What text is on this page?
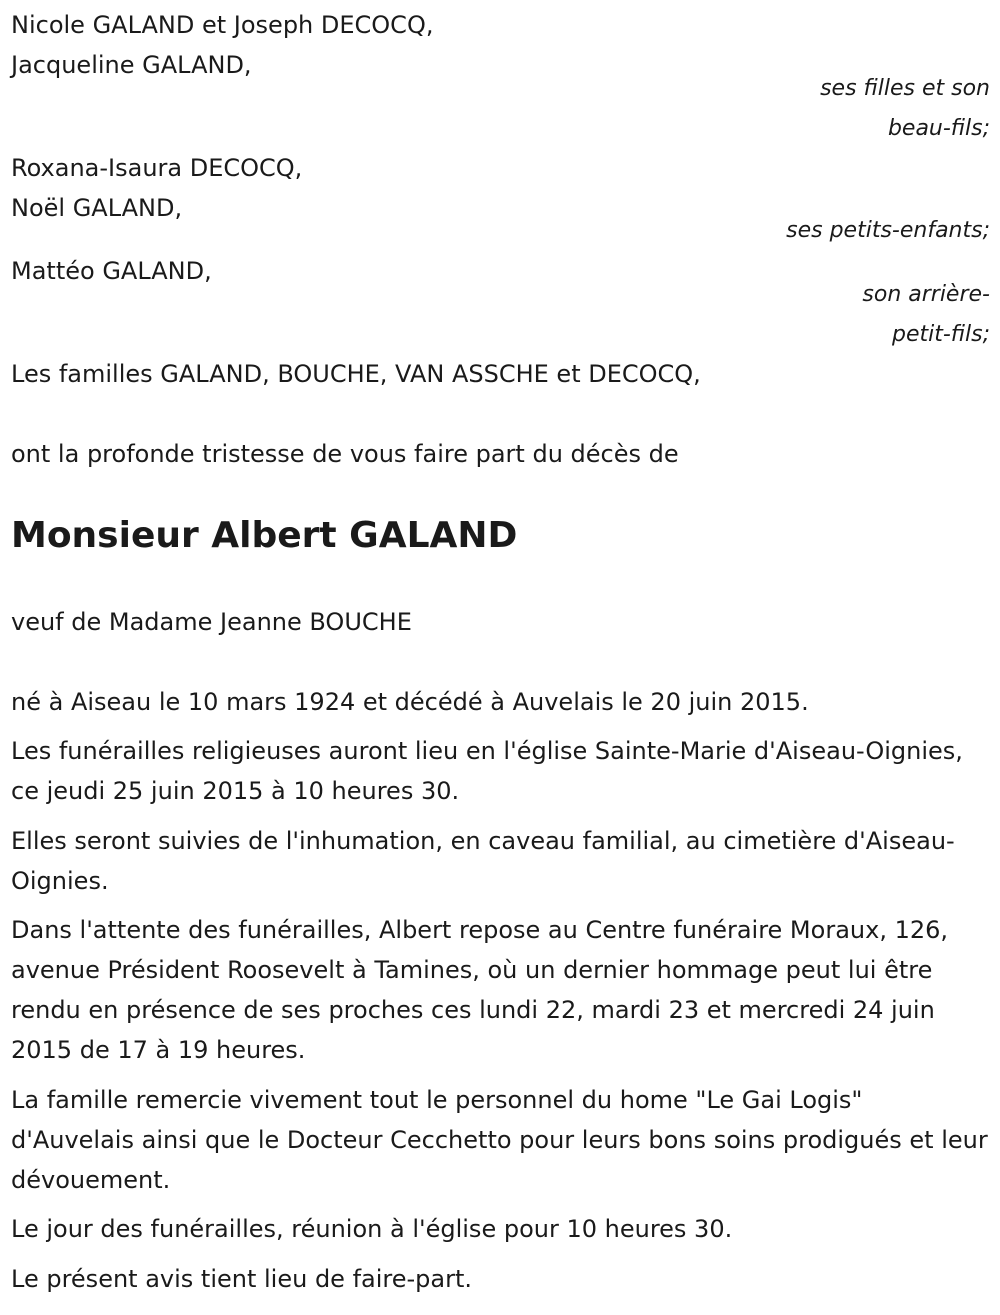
Nicole GALAND et Joseph DECOCQ,

Jacqueline GALAND,

ses filles et son

beau-fils;

Roxana-Isaura DECOCQ,

Noël GALAND,

ses petits-enfants;

Mattéo GALAND,

son arrière-

petit-fils;

Les familles GALAND, BOUCHE, VAN ASSCHE et DECOCQ,

ont la profonde tristesse de vous faire part du décès de

Monsieur Albert GALAND

veuf de Madame Jeanne BOUCHE

né à Aiseau le 10 mars 1924 et décédé à Auvelais le 20 juin 2015.

Les funérailles religieuses auront lieu en l'église Sainte-Marie d'Aiseau-Oignies, ce jeudi 25 juin 2015 à 10 heures 30.

Elles seront suivies de l'inhumation, en caveau familial, au cimetière d'Aiseau-Oignies.

Dans l'attente des funérailles, Albert repose au Centre funéraire Moraux, 126, avenue Président Roosevelt à Tamines, où un dernier hommage peut lui être rendu en présence de ses proches ces lundi 22, mardi 23 et mercredi 24 juin 2015 de 17 à 19 heures.

La famille remercie vivement tout le personnel du home "Le Gai Logis" d'Auvelais ainsi que le Docteur Cecchetto pour leurs bons soins prodigués et leur dévouement.

Le jour des funérailles, réunion à l'église pour 10 heures 30.

Le présent avis tient lieu de faire-part.
